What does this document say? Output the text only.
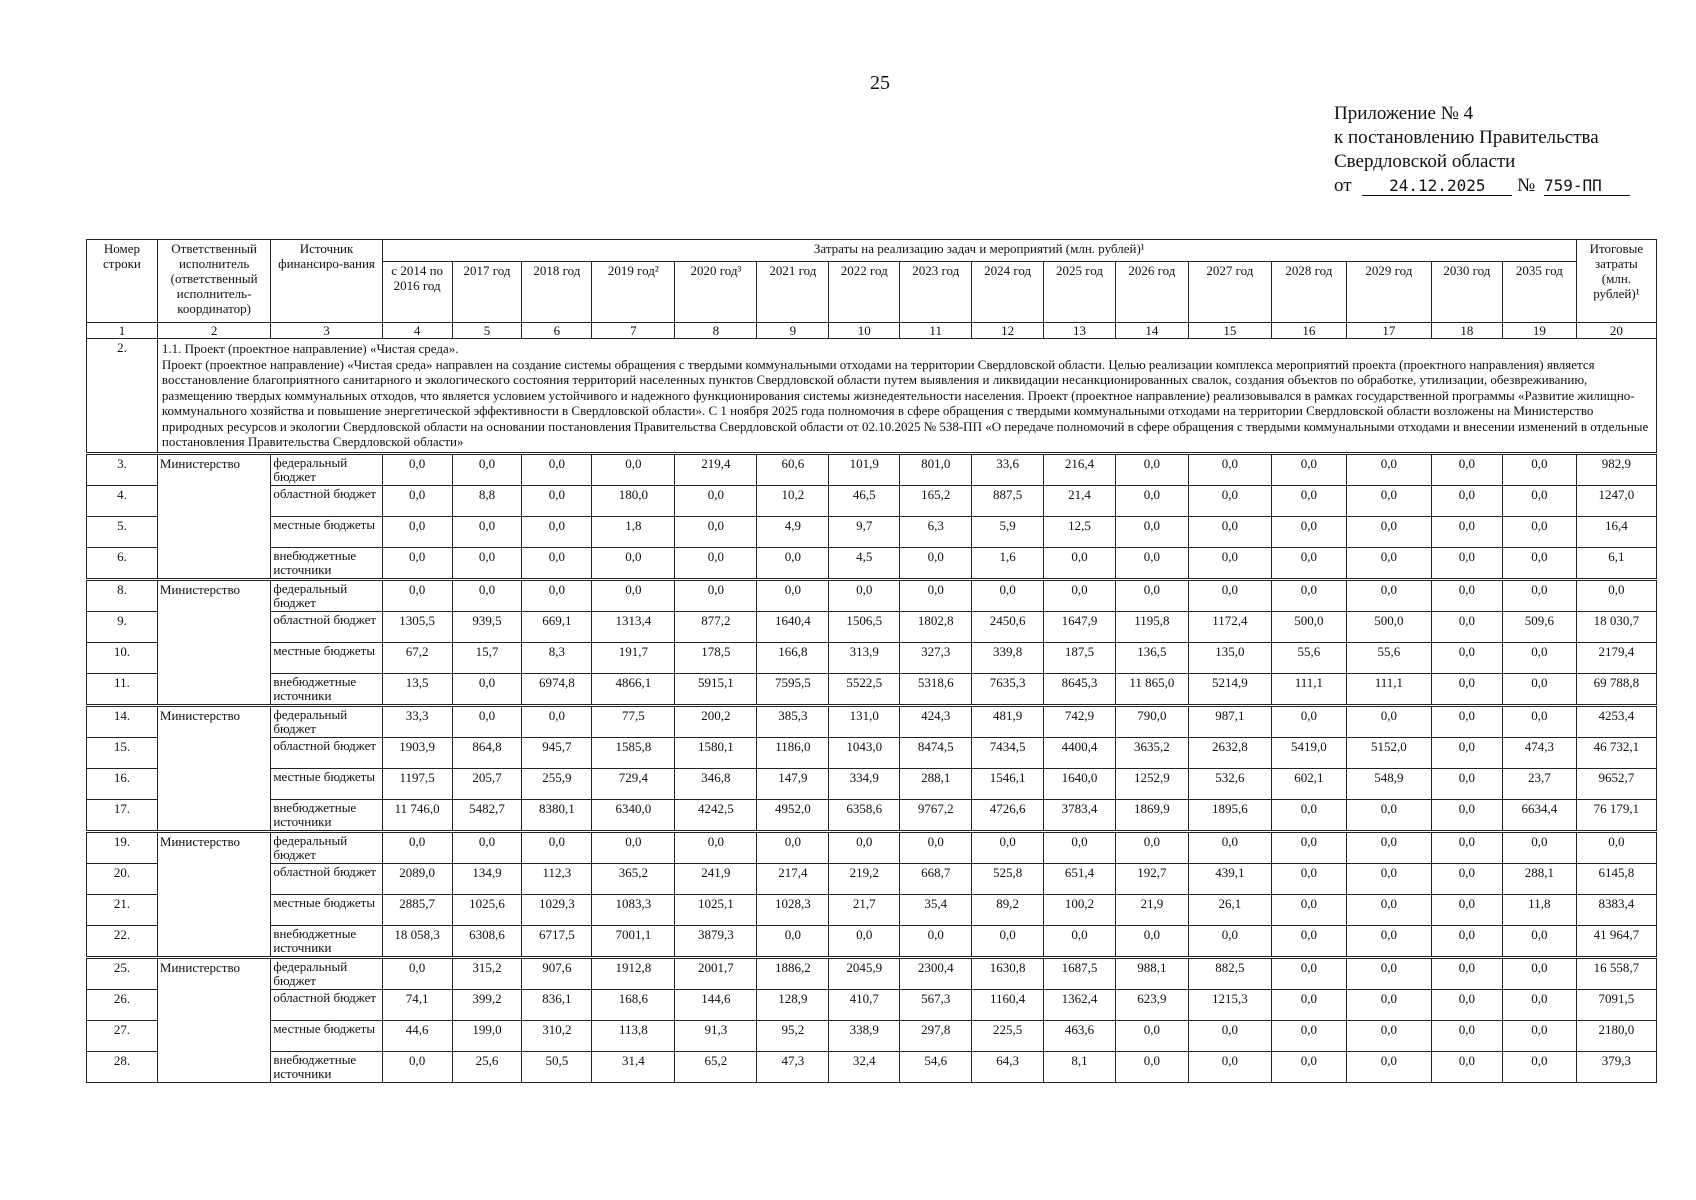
25
Приложение № 4
к постановлению Правительства
Свердловской области
от 24.12.2025 № 759-ПП
Номер строки	Ответственный исполнитель (ответственный исполнитель-координатор)	Источник финансиро-вания	Затраты на реализацию задач и мероприятий (млн. рублей)¹																Итоговые затраты (млн. рублей)¹
			с 2014 по 2016 год	2017 год	2018 год	2019 год²	2020 год³	2021 год	2022 год	2023 год	2024 год	2025 год	2026 год	2027 год	2028 год	2029 год	2030 год	2035 год	
1	2	3	4	5	6	7	8	9	10	11	12	13	14	15	16	17	18	19	20
2.	1.1. Проект (проектное направление) «Чистая среда».
Проект (проектное направление) «Чистая среда» направлен на создание системы обращения с твердыми коммунальными отходами на территории Свердловской области. Целью реализации комплекса мероприятий проекта (проектного направления) является восстановление благоприятного санитарного и экологического состояния территорий населенных пунктов Свердловской области путем выявления и ликвидации несанкционированных свалок, создания объектов по обработке, утилизации, обезвреживанию, размещению твердых коммунальных отходов, что является условием устойчивого и надежного функционирования системы жизнедеятельности населения. Проект (проектное направление) реализовывался в рамках государственной программы «Развитие жилищно-коммунального хозяйства и повышение энергетической эффективности в Свердловской области». С 1 ноября 2025 года полномочия в сфере обращения с твердыми коммунальными отходами на территории Свердловской области возложены на Министерство природных ресурсов и экологии Свердловской области на основании постановления Правительства Свердловской области от 02.10.2025 № 538-ПП «О передаче полномочий в сфере обращения с твердыми коммунальными отходами и внесении изменений в отдельные постановления Правительства Свердловской области»																		

3.	Министерство	федеральный бюджет	0,0	0,0	0,0	0,0	219,4	60,6	101,9	801,0	33,6	216,4	0,0	0,0	0,0	0,0	0,0	0,0	982,9
4.		областной бюджет	0,0	8,8	0,0	180,0	0,0	10,2	46,5	165,2	887,5	21,4	0,0	0,0	0,0	0,0	0,0	0,0	1247,0
5.		местные бюджеты	0,0	0,0	0,0	1,8	0,0	4,9	9,7	6,3	5,9	12,5	0,0	0,0	0,0	0,0	0,0	0,0	16,4
6.		внебюджетные источники	0,0	0,0	0,0	0,0	0,0	0,0	4,5	0,0	1,6	0,0	0,0	0,0	0,0	0,0	0,0	0,0	6,1
8.	Министерство	федеральный бюджет	0,0	0,0	0,0	0,0	0,0	0,0	0,0	0,0	0,0	0,0	0,0	0,0	0,0	0,0	0,0	0,0	0,0
9.		областной бюджет	1305,5	939,5	669,1	1313,4	877,2	1640,4	1506,5	1802,8	2450,6	1647,9	1195,8	1172,4	500,0	500,0	0,0	509,6	18 030,7
10.		местные бюджеты	67,2	15,7	8,3	191,7	178,5	166,8	313,9	327,3	339,8	187,5	136,5	135,0	55,6	55,6	0,0	0,0	2179,4
11.		внебюджетные источники	13,5	0,0	6974,8	4866,1	5915,1	7595,5	5522,5	5318,6	7635,3	8645,3	11 865,0	5214,9	111,1	111,1	0,0	0,0	69 788,8
14.	Министерство	федеральный бюджет	33,3	0,0	0,0	77,5	200,2	385,3	131,0	424,3	481,9	742,9	790,0	987,1	0,0	0,0	0,0	0,0	4253,4
15.		областной бюджет	1903,9	864,8	945,7	1585,8	1580,1	1186,0	1043,0	8474,5	7434,5	4400,4	3635,2	2632,8	5419,0	5152,0	0,0	474,3	46 732,1
16.		местные бюджеты	1197,5	205,7	255,9	729,4	346,8	147,9	334,9	288,1	1546,1	1640,0	1252,9	532,6	602,1	548,9	0,0	23,7	9652,7
17.		внебюджетные источники	11 746,0	5482,7	8380,1	6340,0	4242,5	4952,0	6358,6	9767,2	4726,6	3783,4	1869,9	1895,6	0,0	0,0	0,0	6634,4	76 179,1
19.	Министерство	федеральный бюджет	0,0	0,0	0,0	0,0	0,0	0,0	0,0	0,0	0,0	0,0	0,0	0,0	0,0	0,0	0,0	0,0	0,0
20.		областной бюджет	2089,0	134,9	112,3	365,2	241,9	217,4	219,2	668,7	525,8	651,4	192,7	439,1	0,0	0,0	0,0	288,1	6145,8
21.		местные бюджеты	2885,7	1025,6	1029,3	1083,3	1025,1	1028,3	21,7	35,4	89,2	100,2	21,9	26,1	0,0	0,0	0,0	11,8	8383,4
22.		внебюджетные источники	18 058,3	6308,6	6717,5	7001,1	3879,3	0,0	0,0	0,0	0,0	0,0	0,0	0,0	0,0	0,0	0,0	0,0	41 964,7
25.	Министерство	федеральный бюджет	0,0	315,2	907,6	1912,8	2001,7	1886,2	2045,9	2300,4	1630,8	1687,5	988,1	882,5	0,0	0,0	0,0	0,0	16 558,7
26.		областной бюджет	74,1	399,2	836,1	168,6	144,6	128,9	410,7	567,3	1160,4	1362,4	623,9	1215,3	0,0	0,0	0,0	0,0	7091,5
27.		местные бюджеты	44,6	199,0	310,2	113,8	91,3	95,2	338,9	297,8	225,5	463,6	0,0	0,0	0,0	0,0	0,0	0,0	2180,0
28.		внебюджетные источники	0,0	25,6	50,5	31,4	65,2	47,3	32,4	54,6	64,3	8,1	0,0	0,0	0,0	0,0	0,0	0,0	379,3
